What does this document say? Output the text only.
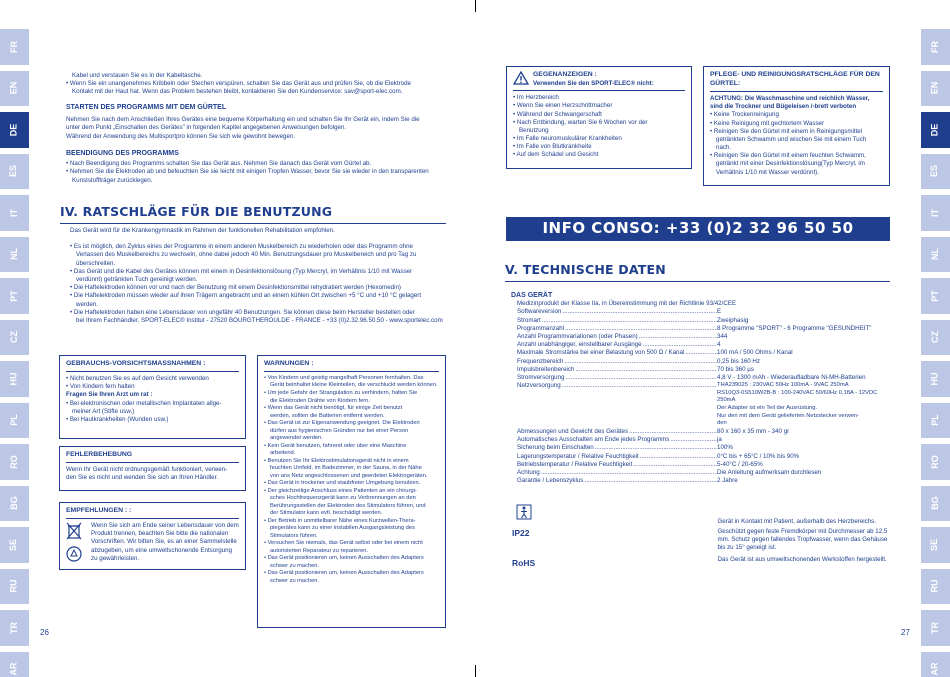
FR
EN
DE
ES
IT
NL
PT
CZ
HU
PL
RO
BG
SE
RU
TR
AR
FR
EN
DE
ES
IT
NL
PT
CZ
HU
PL
RO
BG
SE
RU
TR
AR
26	27

Kabel und verstauen Sie es in der Kabeltasche.

• Wenn Sie ein unangenehmes Kribbeln oder Stechen verspüren, schalten Sie das Gerät aus und prüfen Sie, ob die Elektrode

Kontakt mit der Haut hat. Wenn das Problem bestehen bleibt, kontaktieren Sie den Kundenservice: sav@sport-elec.com.

STARTEN DES PROGRAMMS MIT DEM GÜRTEL

Nehmen Sie nach dem Anschließen Ihres Gerätes eine bequeme Körperhaltung ein und schalten Sie Ihr Gerät ein, indem Sie die

unter dem Punkt „Einschalten des Gerätes" in folgenden Kapitel angegebenen Anweisungen befolgen.

Während der Anwendung des Multisportpro können Sie sich wie gewohnt bewegen.

BEENDIGUNG DES PROGRAMMS

• Nach Beendigung des Programms schalten Sie das Gerät aus. Nehmen Sie danach das Gerät vom Gürtel ab.

• Nehmen Sie die Elektroden ab und befeuchten Sie sie leicht mit einigen Tropfen Wasser, bevor Sie sie wieder in den transparenten

Kunststoffträger zurücklegen.

IV. RATSCHLÄGE FÜR DIE BENUTZUNG

Das Gerät wird für die Krankengymnastik im Rahmen der funktionellen Rehabilitation empfohlen.

• Es ist möglich, den Zyklus eines der Programme in einem anderen Muskelbereich zu wiederholen oder das Programm ohne

Verlassen des Muskelbereichs zu wechseln, ohne dabei jedoch 40 Min. Benutzungsdauer pro Muskelbereich und pro Tag zu

überschreiten.

• Das Gerät und die Kabel des Gerätes können mit einem in Desinfektionslösung (Typ Mercryl, im Verhältnis 1/10 mit Wasser

verdünnt) getränkten Tuch gereinigt werden.

• Die Haftelektroden können vor und nach der Benutzung mit einem Desinfektionsmittel rehydratiert werden (Hexomedin)

• Die Haftelektroden müssen wieder auf ihren Trägern angebracht und an einem kühlen Ort zwischen +5 °C und +10 °C gelagert

werden.

• Die Haftelektroden haben eine Lebensdauer von ungefähr 40 Benutzungen. Sie können diese beim Hersteller bestellen oder

bei Ihrem Fachhändler. SPORT-ELEC® Institut - 27520 BOURGTHEROULDE - FRANCE - +33 (0)2.32.96.50.50 - www.sportelec.com

GEBRAUCHS-VORSICHTSMASSNAHMEN :

• Nicht benutzen Sie es auf dem Gesicht verwenden

• Von Kindern fern halten

Fragen Sie Ihren Arzt um rat :

• Bei elektronischen oder metallischen Implantaten allge-

meiner Art (Stifte usw.)

• Bei Hautkrankheiten (Wunden usw.)

FEHLERBEHEBUNG

Wenn Ihr Gerät nicht ordnungsgemäß funktioniert, verwen-

den Sie es nicht und wenden Sie sich an Ihren Händler.

EMPFEHLUNGEN : :

Wenn Sie sich am Ende seiner Lebensdauer von dem

Produkt trennen, beachten Sie bitte die nationalen

Vorschriften. Wir bitten Sie, es an einer Sammelstelle

abzugeben, um eine umweltschonende Entsorgung

zu gewährleisten.

WARNUNGEN :

• Von Kindern und geistig mangelhaft Personen fernhalten. Das

Gerät beinhaltet kleine Kleinteilen, die verschluckt werden können.

• Um jede Gefahr der Strangulation zu verhindern, halten Sie

die Elektroden Drähte von Kindern fern.

• Wenn das Gerät nicht benötigt, für einige Zeit benutzt

werden, sollten die Batterien entfernt werden.

• Das Gerät ist zur Eigenanwendung geeignet. Die Elektroden

dürfen aus hygienischen Gründen nur bei einer Person

angewendet werden.

• Kein Gerät benutzen, fahrend oder über eine Maschine

arbeitend.

• Benutzen Sie Ihr Elektrostimulationsgerät nicht in einem

feuchten Umfeld, im Badezimmer, in der Sauna, in der Nähe

von ans Netz angeschlossenen und geerdeten Elektrogeräten.

• Das Gerät in trockener und staubfreier Umgebung benutzen.

• Der gleichzeitige Anschluss eines Patienten an ein chirurgi-

sches Hochfrequenzgerät kann zu Verbrennungen an den

Berührungsstellen der Elektroden des Stimulators führen, und

der Stimulator kann evtl. beschädigt werden.

• Der Betrieb in unmittelbarer Nähe eines Kurzwellen-Thera-

piegerätes kann zu einer instabilen Ausgangsleistung des

Stimulators führen.

• Versuchen Sie niemals, das Gerät selbst oder bei einem nicht

autorisierten Reparateur zu reparieren.

• Das Gerät positionieren um, keinen Ausschalten des Adapters

schwer zu machen.

• Das Gerät positionieren um, keinen Ausschalten des Adapters

schwer zu machen.

GEGENANZEIGEN :

Verwenden Sie den SPORT-ELEC® nicht:

• Im Herzbereich

• Wenn Sie einen Herzschrittmacher

• Während der Schwangerschaft

• Nach Entbindung, warten Sie 6 Wochen vor der

Benutzung

• Im Falle neuromuskulärer Krankheiten

• Im Falle von Blutkrankheite

• Auf dem Schädel und Gesicht

PFLEGE- UND REINIGUNGSRATSCHLÄGE FÜR DEN GÜRTEL:

ACHTUNG: Die Waschmaschine und reichlich Wasser, sind die Trockner und Bügeleisen /-brett verboten

• Keine Trockenreinigung

• Keine Reinigung mit gechlortem Wasser

• Reinigen Sie den Gürtel mit einem in Reinigungsmittel

getränkten Schwamm und wischen Sie mit einem Tuch

nach.

• Reinigen Sie den Gürtel mit einem feuchten Schwamm,

getränkt mit einer Desinfektionslösung(Typ Mercryl, im

Verhältnis 1/10 mit Wasser verdünnt).

INFO CONSO: +33 (0)2 32 96 50 50
V. TECHNISCHE DATEN
DAS GERÄT

Medizinprodukt der Klasse IIa, in Übereinstimmung mit der Richtlinie 93/42/CEE

Softwareversion .....	E
Stromart .....	Zweiphasig
Programmanzahl .....	8 Programme "SPORT" - 6 Programme "GESUNDHEIT"
Anzahl Programmvariationen (oder Phasen) .....	344
Anzahl unabhängiger, einstellbarer Ausgänge .....	4
Maximale Stromstärke bei einer Belastung von 500 Ω / Kanal .....	100 mA / 500 Ohms / Kanal
Frequenzbereich .....	0,25 bis 160 Hz
Impulsbreitenbereich .....	70 bis 360 µs
Stromversorgung .....	4,8 V - 1300 mAh - Wiederaufladbare Ni-MH-Batterien
Netzversorgung .....	THA239025 : 230VAC 50Hz 100mA - 9VAC 250mA
RS10Q3-0S510W2B-B : 100-240VAC 50/60Hz 0.18A - 12VDC 250mA
Der Adapter ist ein Teil der Ausrüstung.
Nur den mit dem Gerät gelieferten Netzstecker verwen-
den
Abmessungen und Gewicht des Gerätes .....	80 x 160 x 35 mm - 340 gr
Automatisches Ausschalten am Ende jedes Programms .....	ja
Sicherung beim Einschalten .....	100%
Lagerungstemperatur / Relative Feuchtigkeit .....	0°C bis + 65°C / 10% bis 90%
Betriebstemperatur / Relative Feuchtigkeit .....	5-40°C / 20-65%
Achtung .....	Die Anleitung aufmerksam durchlesen
Garantie / Lebenszyklus .....	2 Jahre

Gerät in Kontakt mit Patient, außerhalb des Herzbereichs.

IP22	Geschützt gegen feste Fremdkörper mit Durchmesser ab 12,5 mm. Schutz gegen fallendes Tropfwasser, wenn das Gehäuse bis zu 15° geneigt ist.

RoHS	Das Gerät ist aus umweltschonenden Werkstoffen hergestellt.
